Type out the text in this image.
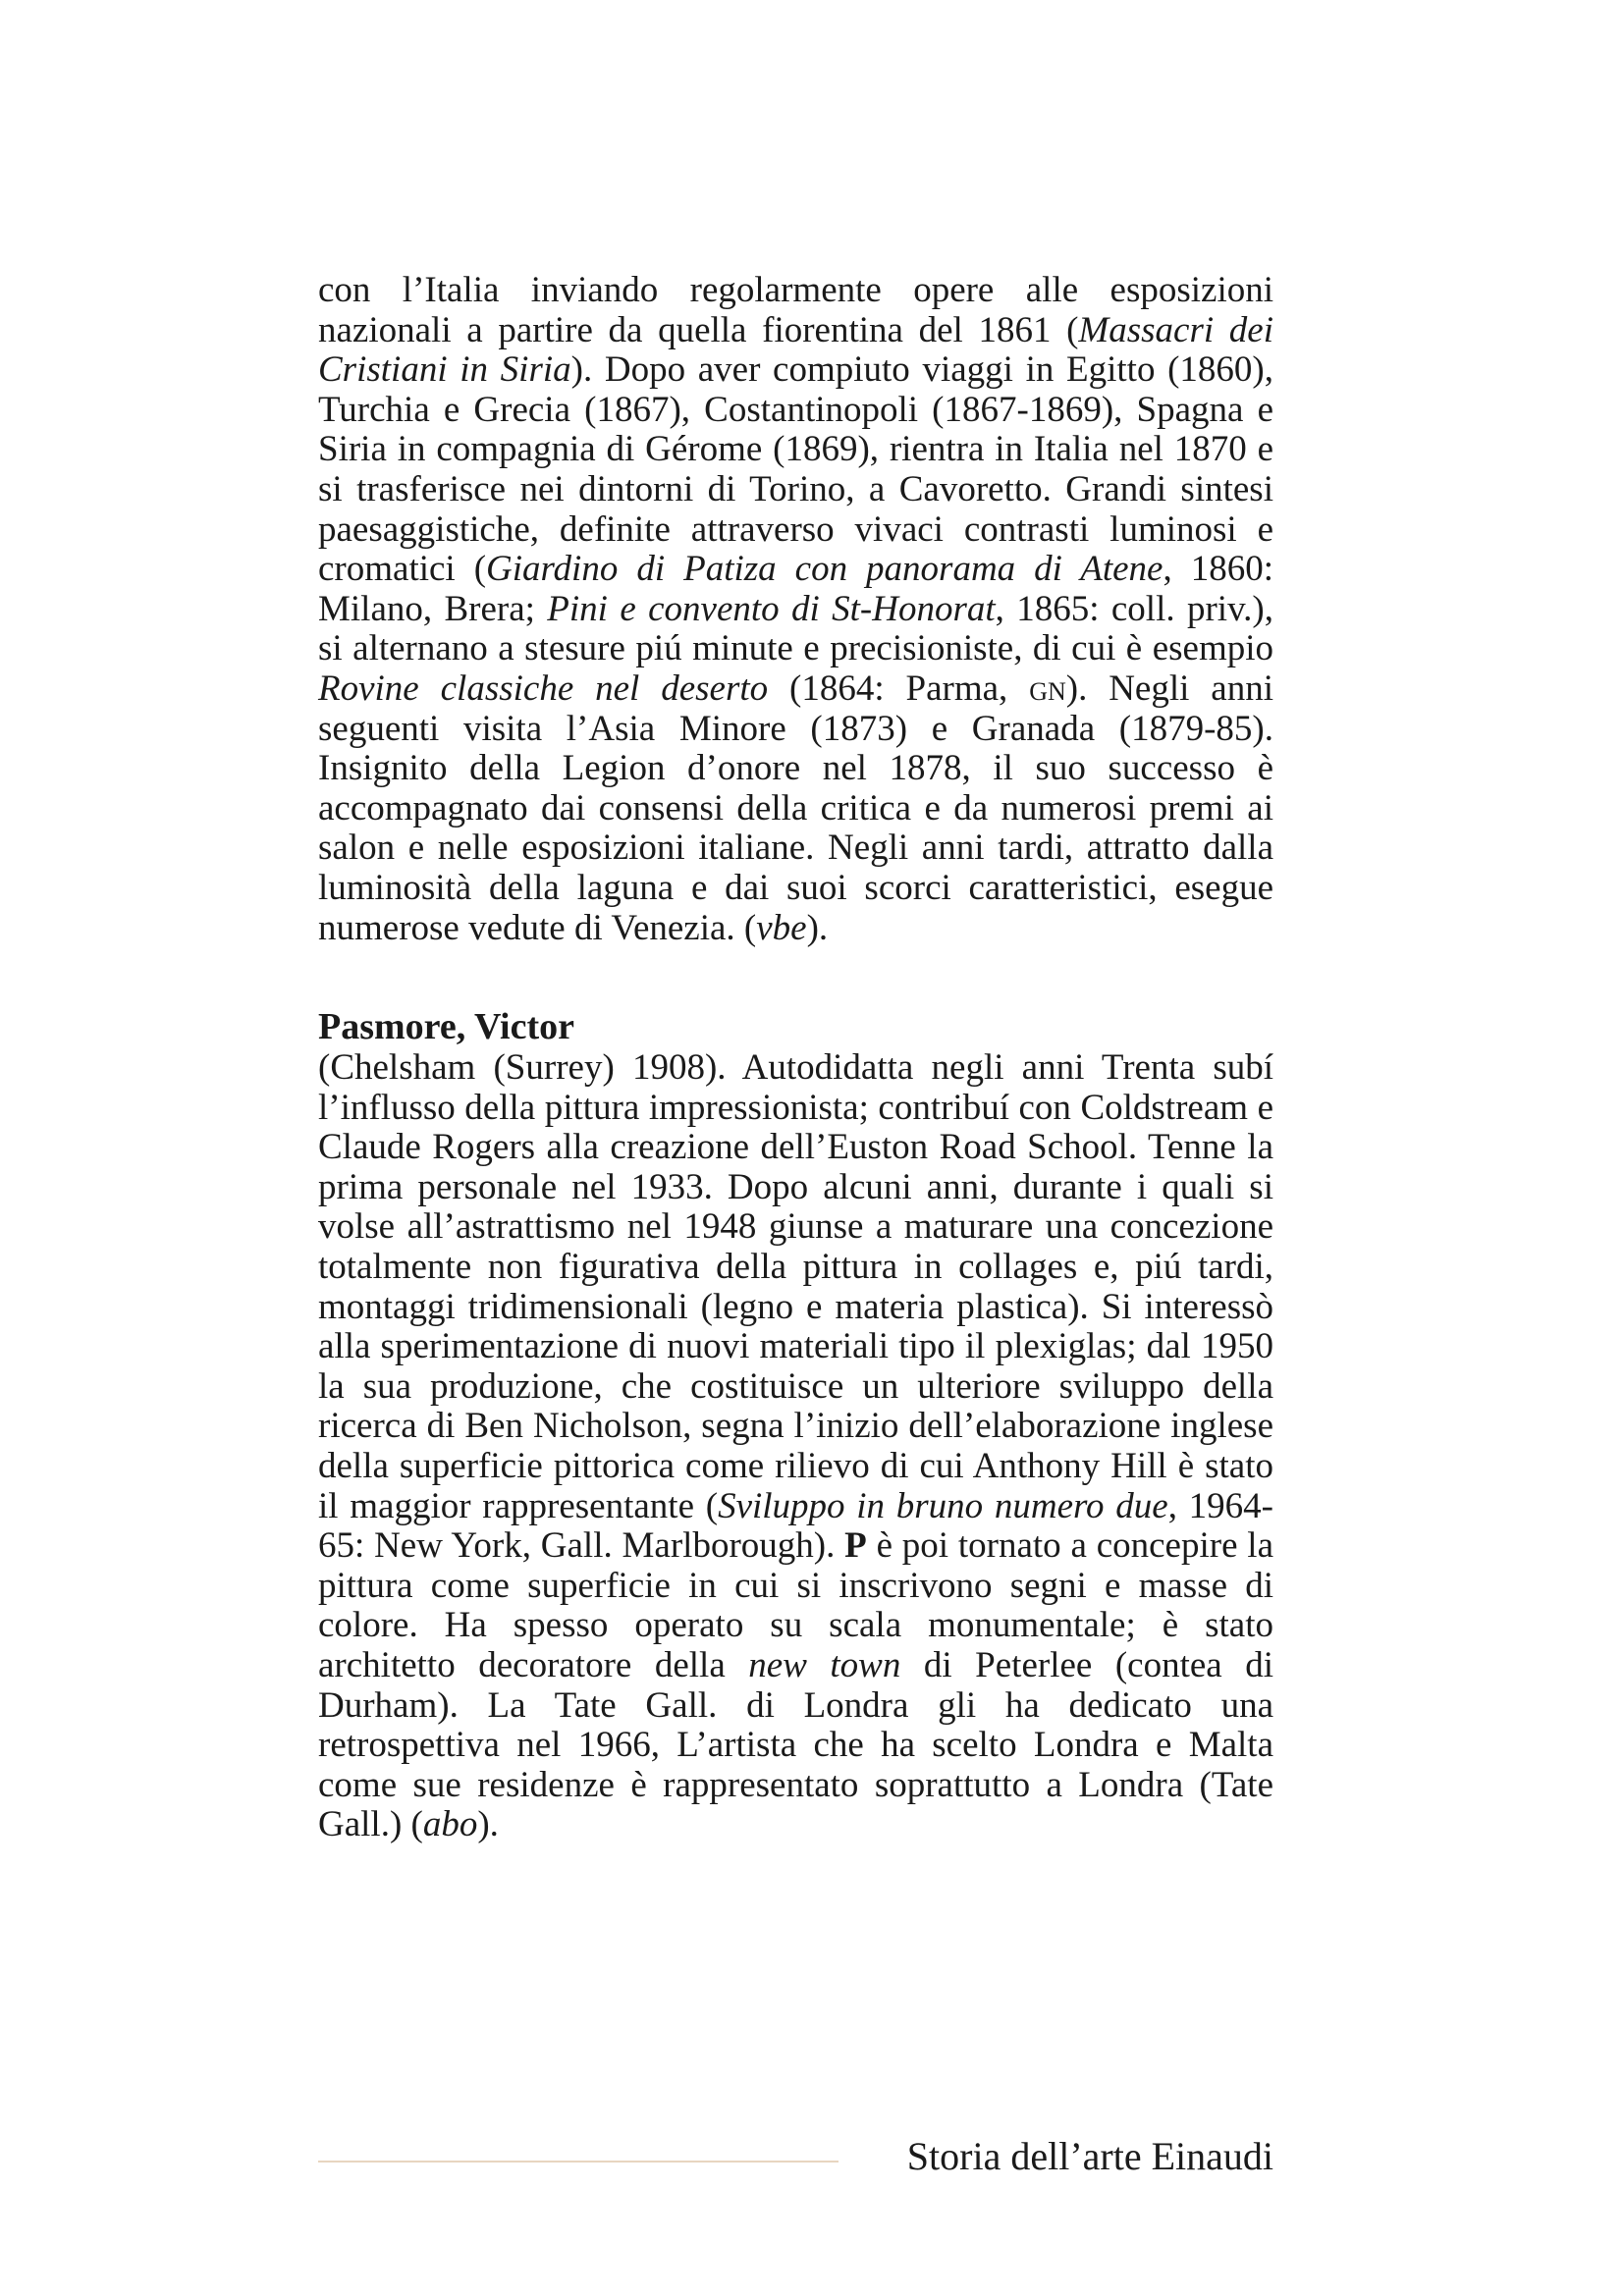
con l’Italia inviando regolarmente opere alle esposizioni nazionali a partire da quella fiorentina del 1861 (Massacri dei Cristiani in Siria). Dopo aver compiuto viaggi in Egitto (1860), Turchia e Grecia (1867), Costantinopoli (1867-1869), Spagna e Siria in compagnia di Gérome (1869), rientra in Italia nel 1870 e si trasferisce nei dintorni di Torino, a Cavoretto. Grandi sintesi paesaggistiche, definite attraverso vivaci contrasti luminosi e cromatici (Giardino di Patiza con panorama di Atene, 1860: Milano, Brera; Pini e convento di St-Honorat, 1865: coll. priv.), si alternano a stesure piú minute e precisioniste, di cui è esempio Rovine classiche nel deserto (1864: Parma, gn). Negli anni seguenti visita l’Asia Minore (1873) e Granada (1879-85). Insignito della Legion d’onore nel 1878, il suo successo è accompagnato dai consensi della critica e da numerosi premi ai salon e nelle esposizioni italiane. Negli anni tardi, attratto dalla luminosità della laguna e dai suoi scorci caratteristici, esegue numerose vedute di Venezia. (vbe).

Pasmore, Victor

(Chelsham (Surrey) 1908). Autodidatta negli anni Trenta subí l’influsso della pittura impressionista; contribuí con Coldstream e Claude Rogers alla creazione dell’Euston Road School. Tenne la prima personale nel 1933. Dopo alcuni anni, durante i quali si volse all’astrattismo nel 1948 giunse a maturare una concezione totalmente non figurativa della pittura in collages e, piú tardi, montaggi tridimensionali (legno e materia plastica). Si interessò alla sperimentazione di nuovi materiali tipo il plexiglas; dal 1950 la sua produzione, che costituisce un ulteriore sviluppo della ricerca di Ben Nicholson, segna l’inizio dell’elaborazione inglese della superficie pittorica come rilievo di cui Anthony Hill è stato il maggior rappresentante (Sviluppo in bruno numero due, 1964-65: New York, Gall. Marlborough). P è poi tornato a concepire la pittura come superficie in cui si inscrivono segni e masse di colore. Ha spesso operato su scala monumentale; è stato architetto decoratore della new town di Peterlee (contea di Durham). La Tate Gall. di Londra gli ha dedicato una retrospettiva nel 1966, L’artista che ha scelto Londra e Malta come sue residenze è rappresentato soprattutto a Londra (Tate Gall.) (abo).

Storia dell’arte Einaudi
